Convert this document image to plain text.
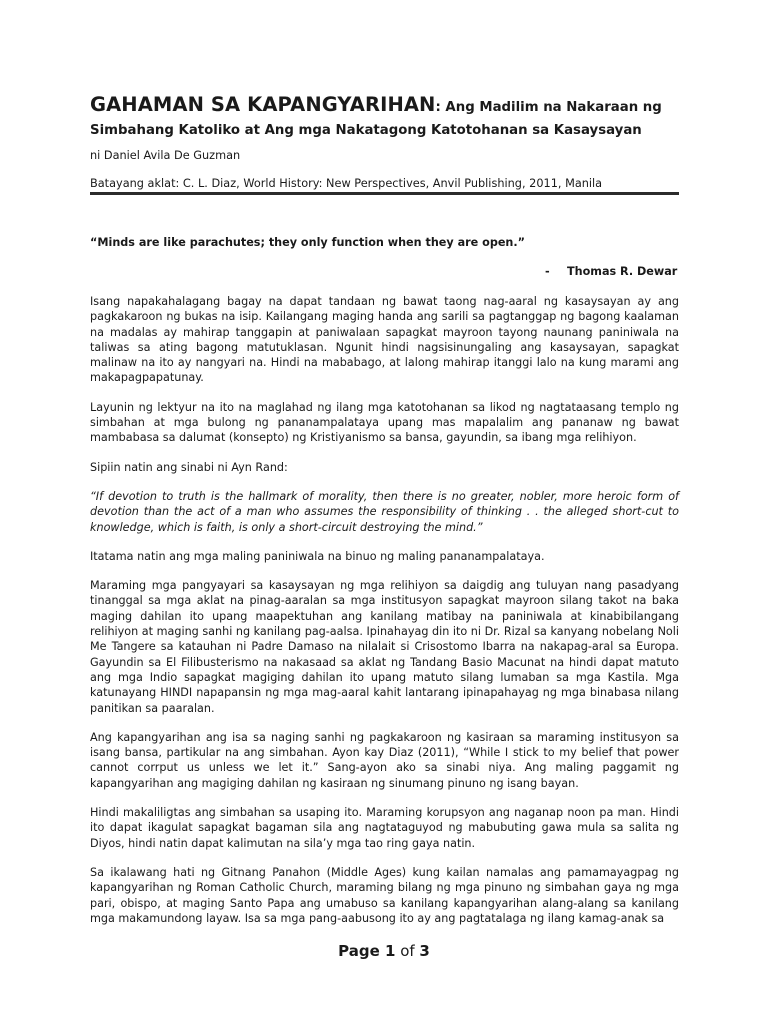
GAHAMAN SA KAPANGYARIHAN: Ang Madilim na Nakaraan ng Simbahang Katoliko at Ang mga Nakatagong Katotohanan sa Kasaysayan
ni Daniel Avila De Guzman
Batayang aklat: C. L. Diaz, World History: New Perspectives, Anvil Publishing, 2011, Manila
“Minds are like parachutes; they only function when they are open.”
- Thomas R. Dewar

Isang napakahalagang bagay na dapat tandaan ng bawat taong nag-aaral ng kasaysayan ay ang pagkakaroon ng bukas na isip. Kailangang maging handa ang sarili sa pagtanggap ng bagong kaalaman na madalas ay mahirap tanggapin at paniwalaan sapagkat mayroon tayong naunang paniniwala na taliwas sa ating bagong matutuklasan. Ngunit hindi nagsisinungaling ang kasaysayan, sapagkat malinaw na ito ay nangyari na. Hindi na mababago, at lalong mahirap itanggi lalo na kung marami ang makapagpapatunay.

Layunin ng lektyur na ito na maglahad ng ilang mga katotohanan sa likod ng nagtataasang templo ng simbahan at mga bulong ng pananampalataya upang mas mapalalim ang pananaw ng bawat mambabasa sa dalumat (konsepto) ng Kristiyanismo sa bansa, gayundin, sa ibang mga relihiyon.

Sipiin natin ang sinabi ni Ayn Rand:

“If devotion to truth is the hallmark of morality, then there is no greater, nobler, more heroic form of devotion than the act of a man who assumes the responsibility of thinking . . the alleged short-cut to knowledge, which is faith, is only a short-circuit destroying the mind.”

Itatama natin ang mga maling paniniwala na binuo ng maling pananampalataya.

Maraming mga pangyayari sa kasaysayan ng mga relihiyon sa daigdig ang tuluyan nang pasadyang tinanggal sa mga aklat na pinag-aaralan sa mga institusyon sapagkat mayroon silang takot na baka maging dahilan ito upang maapektuhan ang kanilang matibay na paniniwala at kinabibilangang relihiyon at maging sanhi ng kanilang pag-aalsa. Ipinahayag din ito ni Dr. Rizal sa kanyang nobelang Noli Me Tangere sa katauhan ni Padre Damaso na nilalait si Crisostomo Ibarra na nakapag-aral sa Europa. Gayundin sa El Filibusterismo na nakasaad sa aklat ng Tandang Basio Macunat na hindi dapat matuto ang mga Indio sapagkat magiging dahilan ito upang matuto silang lumaban sa mga Kastila. Mga katunayang HINDI napapansin ng mga mag-aaral kahit lantarang ipinapahayag ng mga binabasa nilang panitikan sa paaralan.

Ang kapangyarihan ang isa sa naging sanhi ng pagkakaroon ng kasiraan sa maraming institusyon sa isang bansa, partikular na ang simbahan. Ayon kay Diaz (2011), “While I stick to my belief that power cannot corrput us unless we let it.” Sang-ayon ako sa sinabi niya. Ang maling paggamit ng kapangyarihan ang magiging dahilan ng kasiraan ng sinumang pinuno ng isang bayan.

Hindi makaliligtas ang simbahan sa usaping ito. Maraming korupsyon ang naganap noon pa man. Hindi ito dapat ikagulat sapagkat bagaman sila ang nagtataguyod ng mabubuting gawa mula sa salita ng Diyos, hindi natin dapat kalimutan na sila’y mga tao ring gaya natin.

Sa ikalawang hati ng Gitnang Panahon (Middle Ages) kung kailan namalas ang pamamayagpag ng kapangyarihan ng Roman Catholic Church, maraming bilang ng mga pinuno ng simbahan gaya ng mga pari, obispo, at maging Santo Papa ang umabuso sa kanilang kapangyarihan alang-alang sa kanilang mga makamundong layaw. Isa sa mga pang-aabusong ito ay ang pagtatalaga ng ilang kamag-anak sa

Page 1 of 3
